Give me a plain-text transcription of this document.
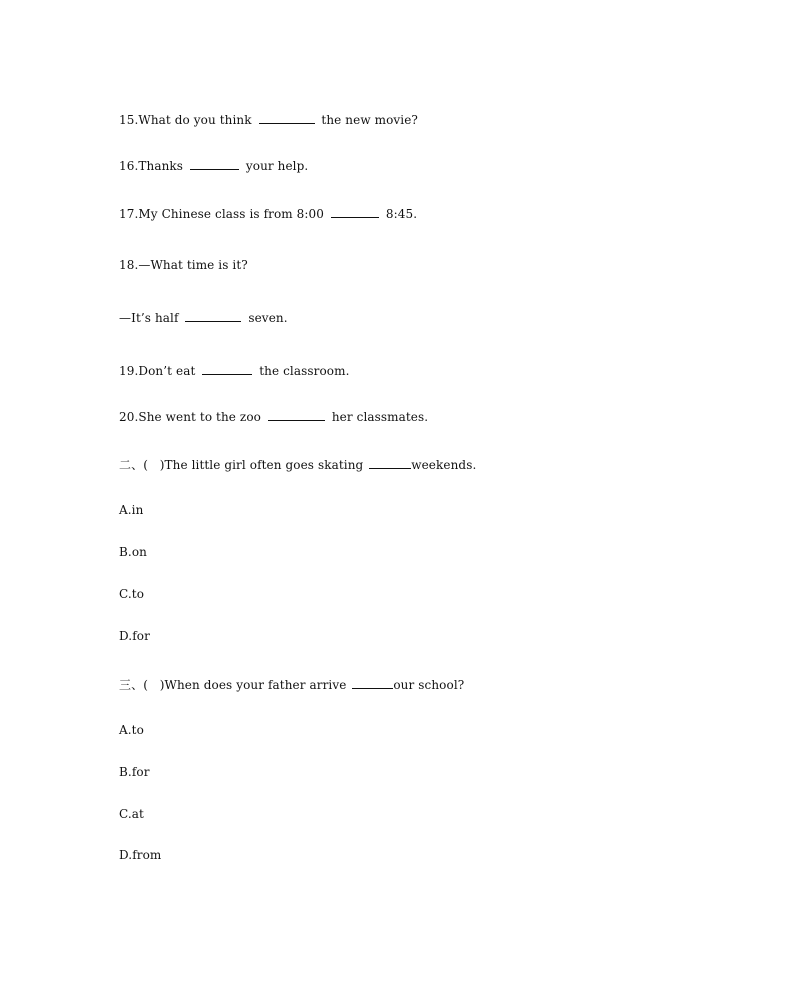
15.What do you think	the new movie?
16.Thanks	your help.
17.My Chinese class is from 8:00	8:45.
18.—What time is it?
—It’s half	seven.
19.Don’t eat	the classroom.
20.She went to the zoo	her classmates.
二、(   )The little girl often goes skating	weekends.
A.in
B.on
C.to
D.for
三、(   )When does your father arrive	our school?
A.to
B.for
C.at
D.from
